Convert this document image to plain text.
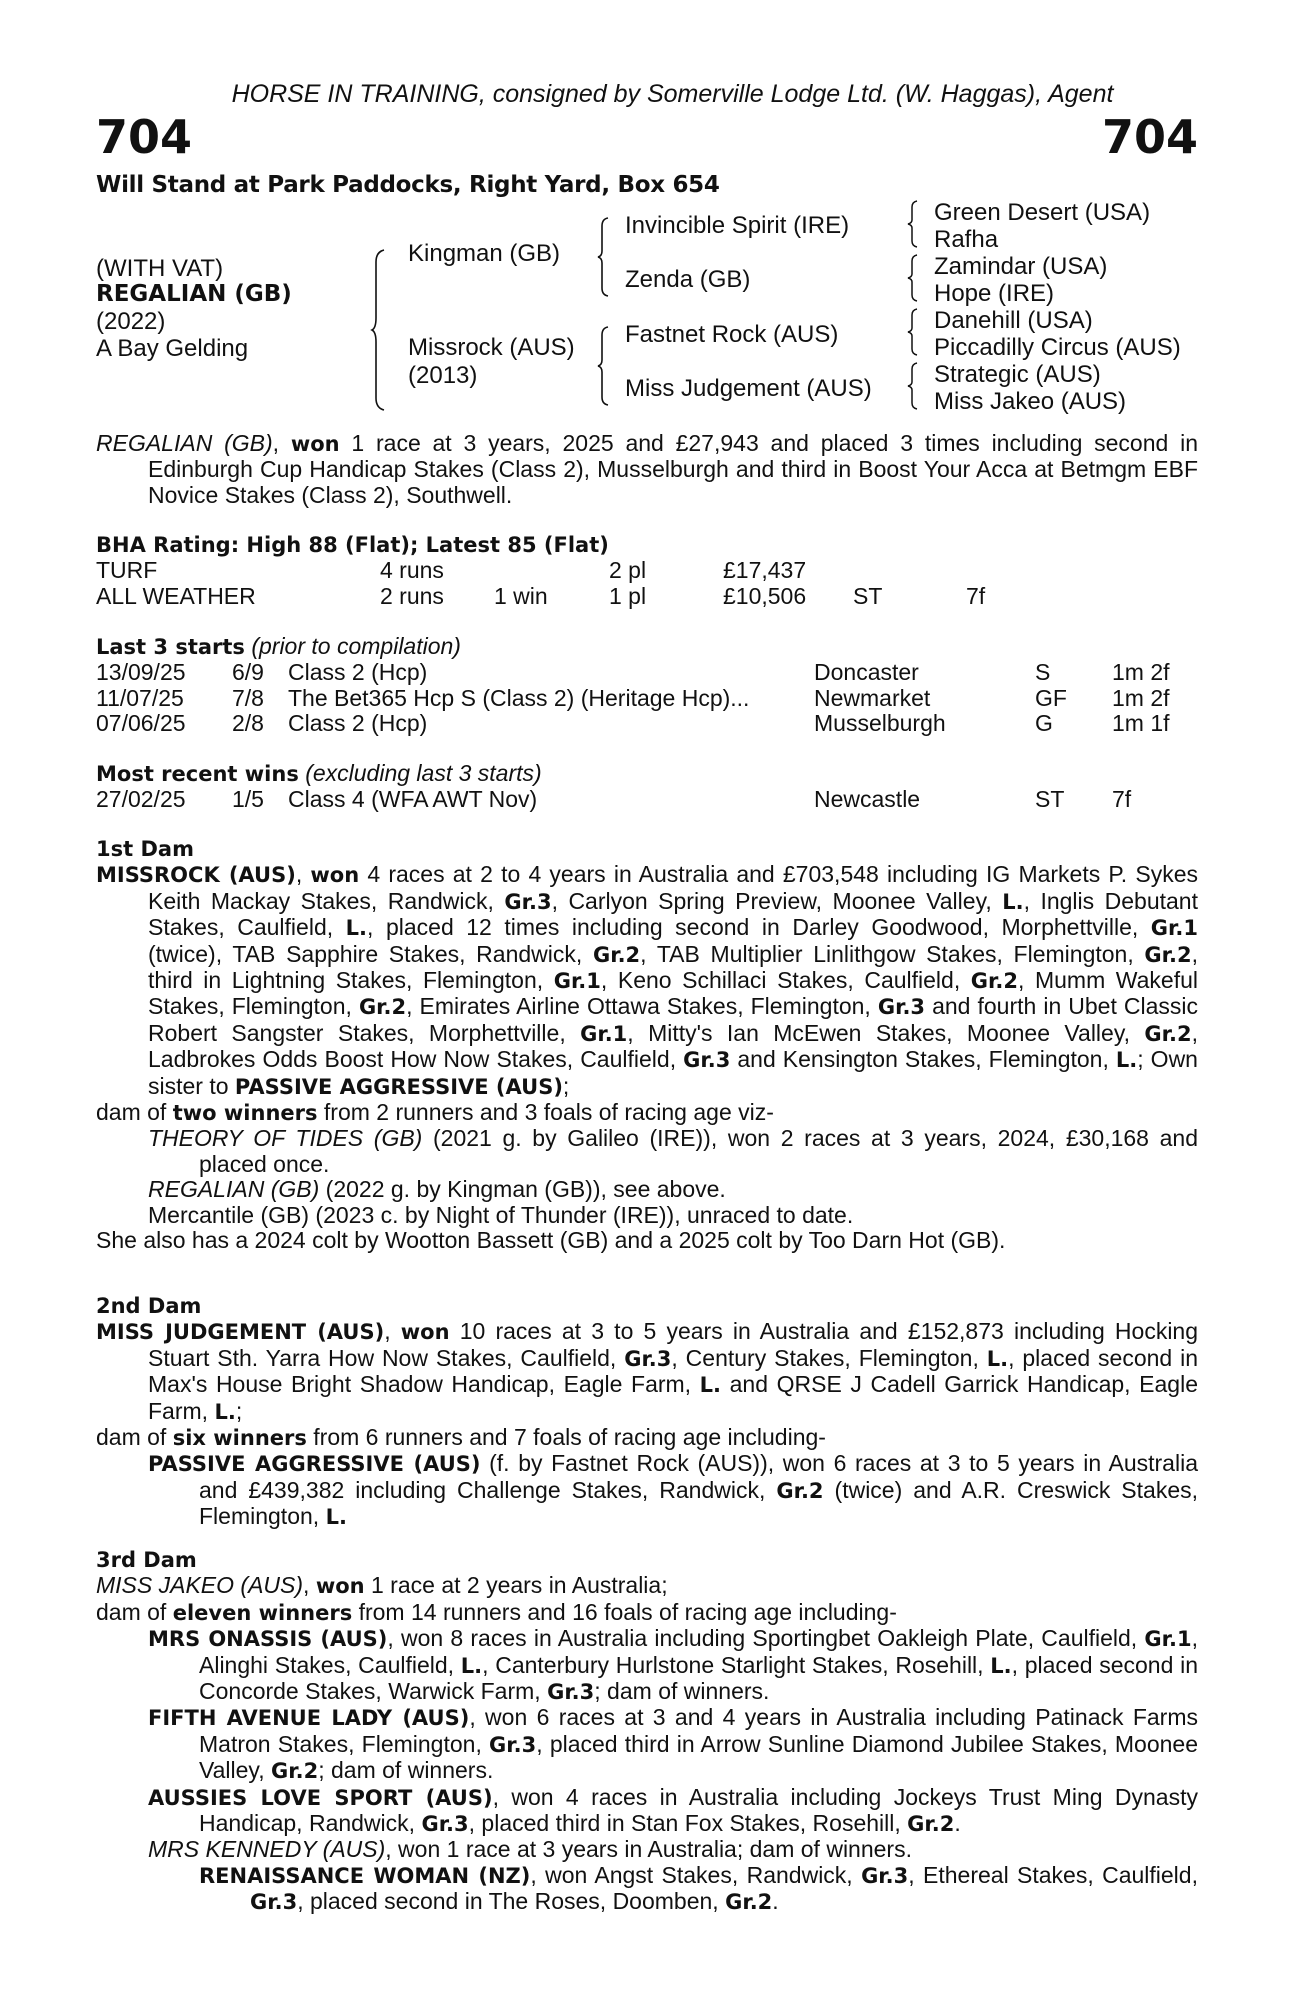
HORSE IN TRAINING, consigned by Somerville Lodge Ltd. (W. Haggas), Agent
704	704
Will Stand at Park Paddocks, Right Yard, Box 654
(WITH VAT)
REGALIAN (GB)
(2022)
A Bay Gelding
Kingman (GB)
Missrock (AUS)
(2013)
Invincible Spirit (IRE)
Zenda (GB)
Fastnet Rock (AUS)
Miss Judgement (AUS)
Green Desert (USA)
Rafha
Zamindar (USA)
Hope (IRE)
Danehill (USA)
Piccadilly Circus (AUS)
Strategic (AUS)
Miss Jakeo (AUS)

REGALIAN (GB), won 1 race at 3 years, 2025 and £27,943 and placed 3 times including second in Edinburgh Cup Handicap Stakes (Class 2), Musselburgh and third in Boost Your Acca at Betmgm EBF Novice Stakes (Class 2), Southwell.

BHA Rating: High 88 (Flat); Latest 85 (Flat)
TURF	4 runs	2 pl	£17,437
ALL WEATHER	2 runs 1 win	1 pl	£10,506 ST	7f
Last 3 starts (prior to compilation)
13/09/25 6/9 Class 2 (Hcp)	Doncaster	S	1m 2f
11/07/25 7/8 The Bet365 Hcp S (Class 2) (Heritage Hcp)...	Newmarket	GF 1m 2f
07/06/25 2/8 Class 2 (Hcp)	Musselburgh	G	1m 1f
Most recent wins (excluding last 3 starts)
27/02/25 1/5 Class 4 (WFA AWT Nov)	Newcastle	ST 7f
1st Dam

MISSROCK (AUS), won 4 races at 2 to 4 years in Australia and £703,548 including IG Markets P. Sykes Keith Mackay Stakes, Randwick, Gr.3, Carlyon Spring Preview, Moonee Valley, L., Inglis Debutant Stakes, Caulfield, L., placed 12 times including second in Darley Goodwood, Morphettville, Gr.1 (twice), TAB Sapphire Stakes, Randwick, Gr.2, TAB Multiplier Linlithgow Stakes, Flemington, Gr.2, third in Lightning Stakes, Flemington, Gr.1, Keno Schillaci Stakes, Caulfield, Gr.2, Mumm Wakeful Stakes, Flemington, Gr.2, Emirates Airline Ottawa Stakes, Flemington, Gr.3 and fourth in Ubet Classic Robert Sangster Stakes, Morphettville, Gr.1, Mitty's Ian McEwen Stakes, Moonee Valley, Gr.2, Ladbrokes Odds Boost How Now Stakes, Caulfield, Gr.3 and Kensington Stakes, Flemington, L.; Own sister to PASSIVE AGGRESSIVE (AUS);

dam of two winners from 2 runners and 3 foals of racing age viz-

THEORY OF TIDES (GB) (2021 g. by Galileo (IRE)), won 2 races at 3 years, 2024, £30,168 and placed once.

REGALIAN (GB) (2022 g. by Kingman (GB)), see above.

Mercantile (GB) (2023 c. by Night of Thunder (IRE)), unraced to date.

She also has a 2024 colt by Wootton Bassett (GB) and a 2025 colt by Too Darn Hot (GB).

2nd Dam

MISS JUDGEMENT (AUS), won 10 races at 3 to 5 years in Australia and £152,873 including Hocking Stuart Sth. Yarra How Now Stakes, Caulfield, Gr.3, Century Stakes, Flemington, L., placed second in Max's House Bright Shadow Handicap, Eagle Farm, L. and QRSE J Cadell Garrick Handicap, Eagle Farm, L.;

dam of six winners from 6 runners and 7 foals of racing age including-

PASSIVE AGGRESSIVE (AUS) (f. by Fastnet Rock (AUS)), won 6 races at 3 to 5 years in Australia and £439,382 including Challenge Stakes, Randwick, Gr.2 (twice) and A.R. Creswick Stakes, Flemington, L.

3rd Dam

MISS JAKEO (AUS), won 1 race at 2 years in Australia;

dam of eleven winners from 14 runners and 16 foals of racing age including-

MRS ONASSIS (AUS), won 8 races in Australia including Sportingbet Oakleigh Plate, Caulfield, Gr.1, Alinghi Stakes, Caulfield, L., Canterbury Hurlstone Starlight Stakes, Rosehill, L., placed second in Concorde Stakes, Warwick Farm, Gr.3; dam of winners.

FIFTH AVENUE LADY (AUS), won 6 races at 3 and 4 years in Australia including Patinack Farms Matron Stakes, Flemington, Gr.3, placed third in Arrow Sunline Diamond Jubilee Stakes, Moonee Valley, Gr.2; dam of winners.

AUSSIES LOVE SPORT (AUS), won 4 races in Australia including Jockeys Trust Ming Dynasty Handicap, Randwick, Gr.3, placed third in Stan Fox Stakes, Rosehill, Gr.2.

MRS KENNEDY (AUS), won 1 race at 3 years in Australia; dam of winners.

RENAISSANCE WOMAN (NZ), won Angst Stakes, Randwick, Gr.3, Ethereal Stakes, Caulfield, Gr.3, placed second in The Roses, Doomben, Gr.2.
